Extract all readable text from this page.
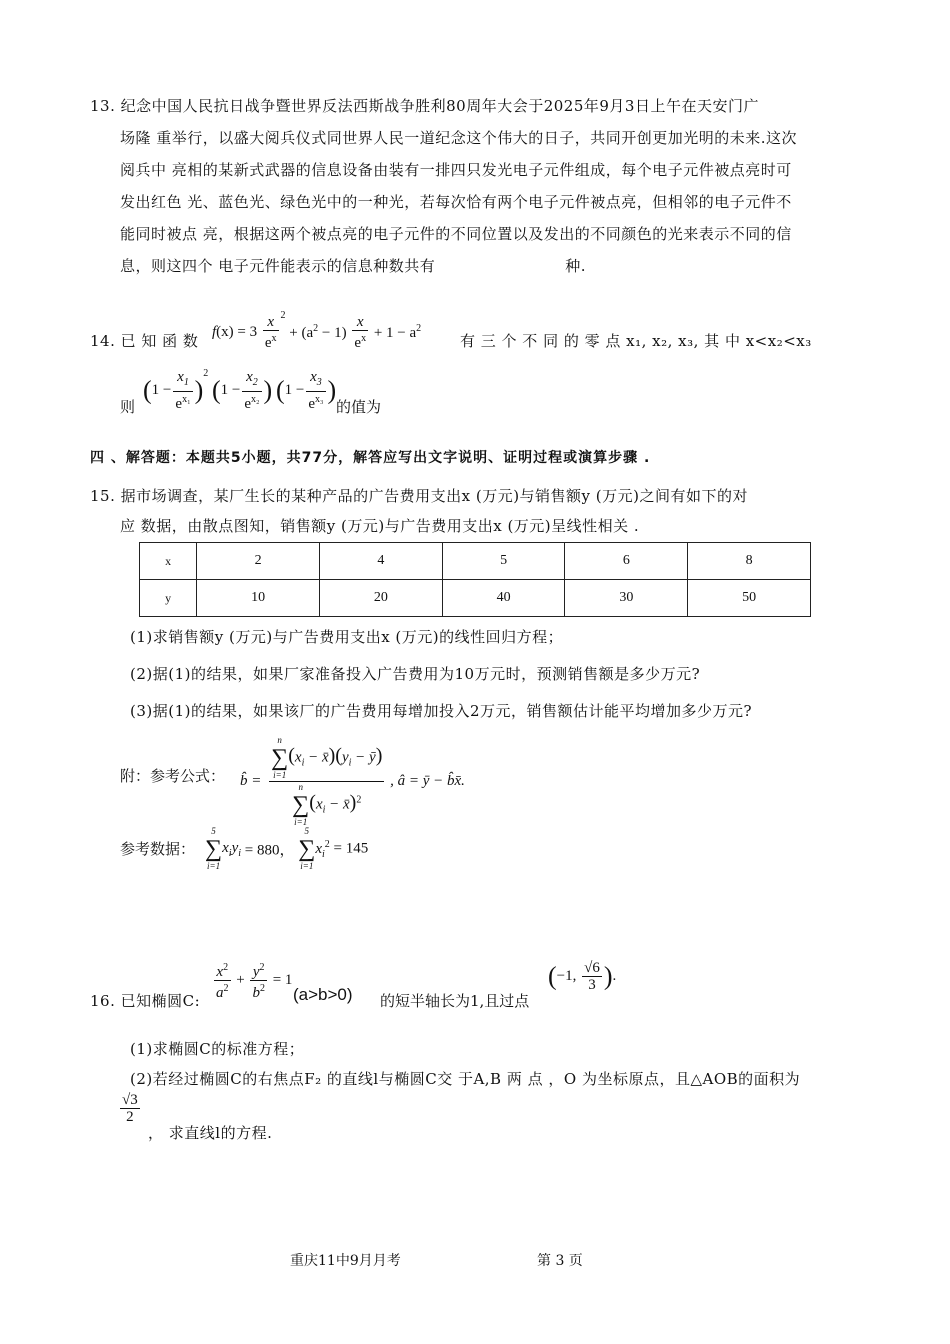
13. 纪念中国人民抗日战争暨世界反法西斯战争胜利80周年大会于2025年9月3日上午在天安门广
场隆 重举行，以盛大阅兵仪式同世界人民一道纪念这个伟大的日子，共同开创更加光明的未来.这次
阅兵中 亮相的某新式武器的信息设备由装有一排四只发光电子元件组成，每个电子元件被点亮时可
发出红色 光、蓝色光、绿色光中的一种光，若每次恰有两个电子元件被点亮，但相邻的电子元件不
能同时被点 亮，根据这两个被点亮的电子元件的不同位置以及发出的不同颜色的光来表示不同的信
息，则这四个 电子元件能表示的信息种数共有	种.
14. 已 知 函 数 $f(x) = 3 \frac{x}{e^x} ^2 + (a^2 - 1) \frac{x}{e^x} + 1 - a^2$
有 三 个 不 同 的 零 点 x₁, x₂, x₃, 其 中 x<x₂<x₃
则
$(1 - \frac{x_1}{e^{x_1}} )^2$ ($1 - \frac{x_2}{e^{x_2}}$ ) ($1 - \frac{x_3}{e^{x_3}}$ )
的值为
四 、解答题：本题共5小题，共77分，解答应写出文字说明、证明过程或演算步骤 .
15. 据市场调查，某厂生长的某种产品的广告费用支出x (万元)与销售额y (万元)之间有如下的对
应 数据，由散点图知，销售额y (万元)与广告费用支出x (万元)呈线性相关 .
x	2	4	5	6	8
y	10	20	40	30	50
(1)求销售额y (万元)与广告费用支出x (万元)的线性回归方程；
(2)据(1)的结果，如果厂家准备投入广告费用为10万元时，预测销售额是多少万元?
(3)据(1)的结果，如果该厂的广告费用每增加投入2万元，销售额估计能平均增加多少万元?
附：参考公式： b̂ = n
∑
i=1
($x_i$ − $x̄)(y_i$ − ȳ)
n
∑
i=1
($x_i$ − x̄)$^2$ , â = ȳ − b̂x̄.
参考数据：
5
∑
i=1
$x_iy_i = 880$，
5
∑
i=1
$x_i^2 = 145$
16. 已知椭圆C: $\frac{x^2}{a^2} + \frac{y^2}{b^2} = 1$
(a>b>0) 的短半轴长为1,且过点
(−1, $\frac{√6}{3}$ ).
(1)求椭圆C的标准方程；
(2)若经过椭圆C的右焦点F₂ 的直线l与椭圆C交 于A,B 两 点 ，O 为坐标原点，且△AOB的面积为
$\frac{√3}{2}$
， 求直线l的方程.
重庆11中9月月考	第 3 页
